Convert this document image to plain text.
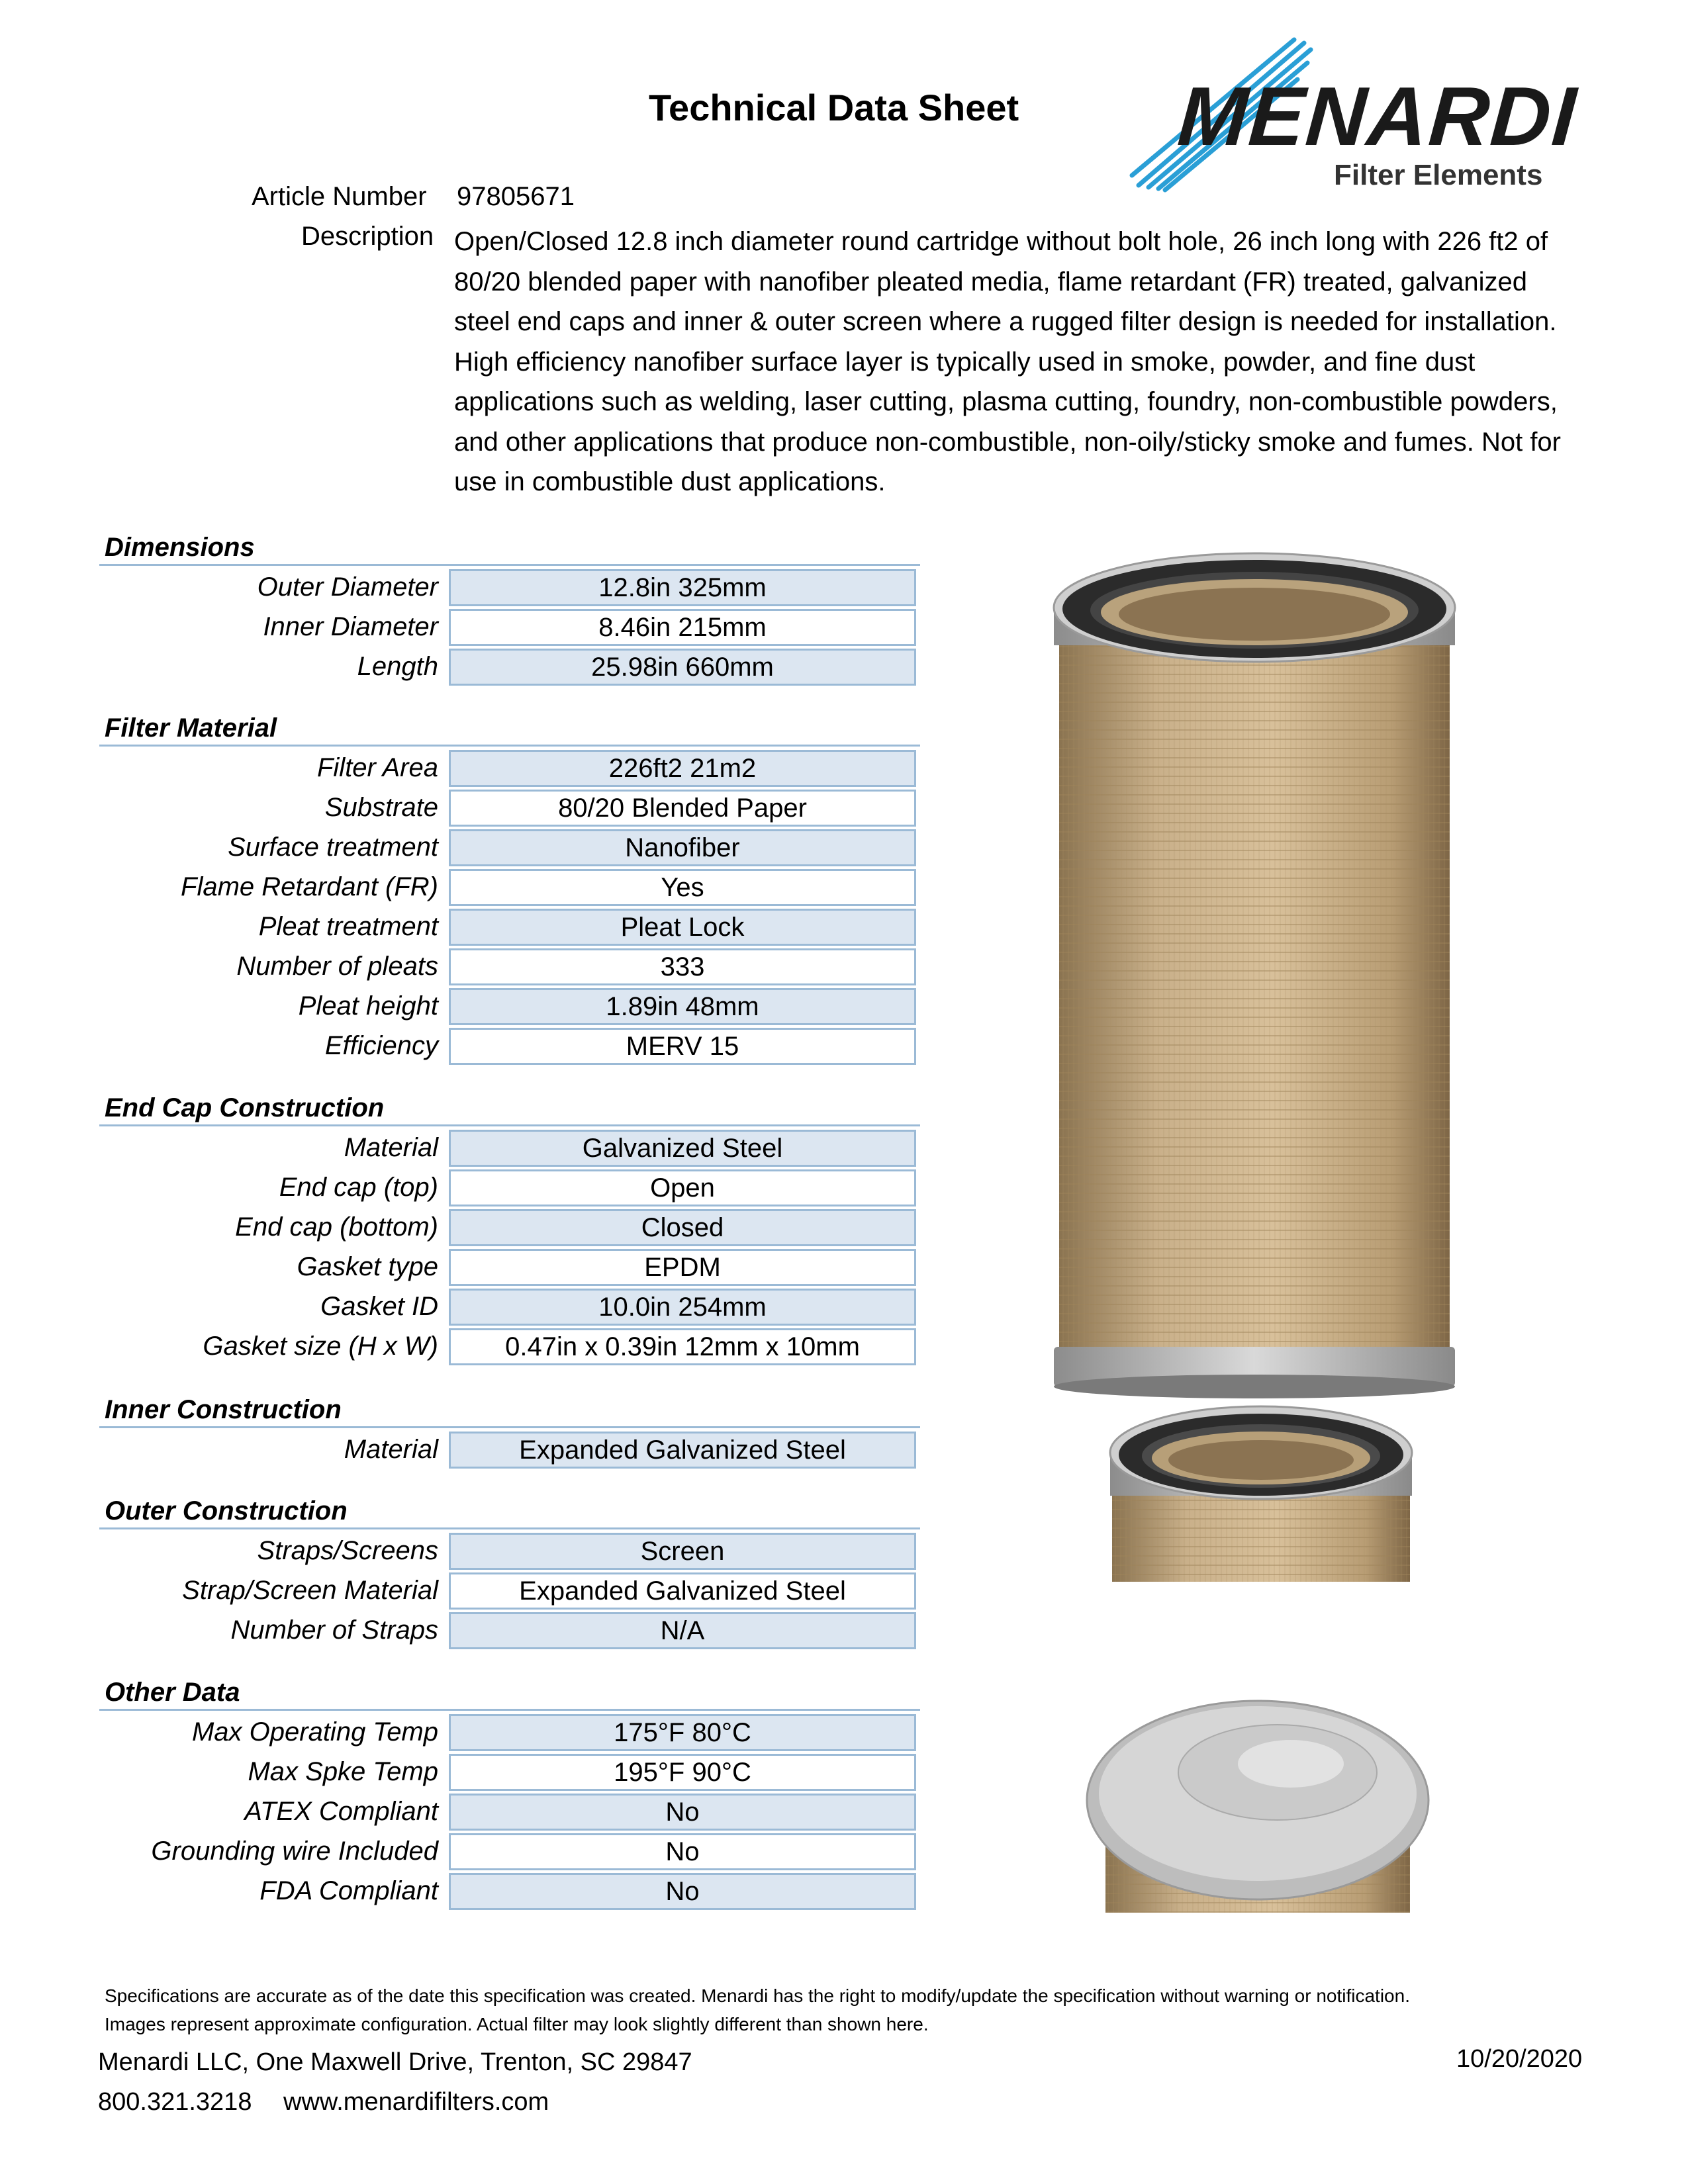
Technical Data Sheet MENARDI
Filter Elements
Article Number 97805671
Description Open/Closed 12.8 inch diameter round cartridge without bolt hole, 26 inch long with 226 ft2 of 80/20 blended paper with nanofiber pleated media, flame retardant (FR) treated, galvanized steel end caps and inner & outer screen where a rugged filter design is needed for installation. High efficiency nanofiber surface layer is typically used in smoke, powder, and fine dust applications such as welding, laser cutting, plasma cutting, foundry, non-combustible powders, and other applications that produce non-combustible, non-oily/sticky smoke and fumes. Not for use in combustible dust applications.
Dimensions
Outer Diameter	12.8in 325mm
Inner Diameter	8.46in 215mm
Length	25.98in 660mm
Filter Material
Filter Area	226ft2 21m2
Substrate	80/20 Blended Paper
Surface treatment	Nanofiber
Flame Retardant (FR)	Yes
Pleat treatment	Pleat Lock
Number of pleats	333
Pleat height	1.89in 48mm
Efficiency	MERV 15
End Cap Construction
Material	Galvanized Steel
End cap (top)	Open
End cap (bottom)	Closed
Gasket type	EPDM
Gasket ID	10.0in 254mm
Gasket size (H x W)	0.47in x 0.39in 12mm x 10mm
Inner Construction
Material	Expanded Galvanized Steel
Outer Construction
Straps/Screens	Screen
Strap/Screen Material	Expanded Galvanized Steel
Number of Straps	N/A
Other Data
Max Operating Temp	175°F 80°C
Max Spke Temp	195°F 90°C
ATEX Compliant	No
Grounding wire Included	No
FDA Compliant	No
Specifications are accurate as of the date this specification was created. Menardi has the right to modify/update the specification without warning or notification.
Images represent approximate configuration. Actual filter may look slightly different than shown here.
Menardi LLC, One Maxwell Drive, Trenton, SC 29847	10/20/2020
800.321.3218 www.menardifilters.com
